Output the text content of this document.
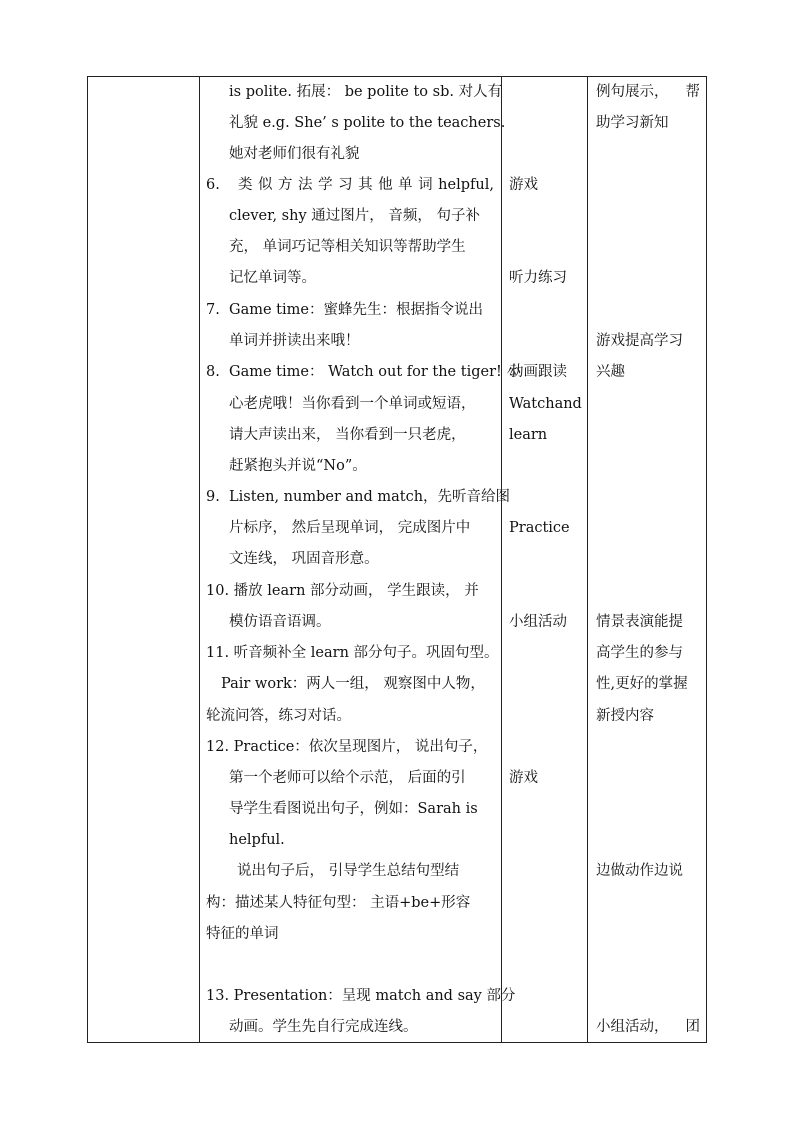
is polite. 拓展： be polite to sb. 对人有
礼貌 e.g. She’ s polite to the teachers.
她对老师们很有礼貌
6. 类 似 方 法 学 习 其 他 单 词 helpful,
clever, shy 通过图片， 音频， 句子补
充， 单词巧记等相关知识等帮助学生
记忆单词等。
7. Game time：蜜蜂先生：根据指令说出
单词并拼读出来哦！
8. Game time： Watch out for the tiger! 小
心老虎哦！当你看到一个单词或短语，
请大声读出来， 当你看到一只老虎，
赶紧抱头并说“No”。
9. Listen, number and match，先听音给图
片标序， 然后呈现单词， 完成图片中
文连线， 巩固音形意。
10. 播放 learn 部分动画， 学生跟读， 并
模仿语音语调。
11. 听音频补全 learn 部分句子。巩固句型。
Pair work：两人一组， 观察图中人物，
轮流问答，练习对话。
12. Practice：依次呈现图片， 说出句子，
第一个老师可以给个示范， 后面的引
导学生看图说出句子，例如：Sarah is
helpful.
说出句子后， 引导学生总结句型结
构：描述某人特征句型： 主语+be+形容
特征的单词
13. Presentation：呈现 match and say 部分
动画。学生先自行完成连线。
游戏
听力练习
动画跟读
Watch and
learn
Practice
小组活动
游戏
例句展示， 帮
助学习新知
游戏提高学习
兴趣
情景表演能提
高学生的参与
性,更好的掌握
新授内容
边做动作边说
小组活动， 团
